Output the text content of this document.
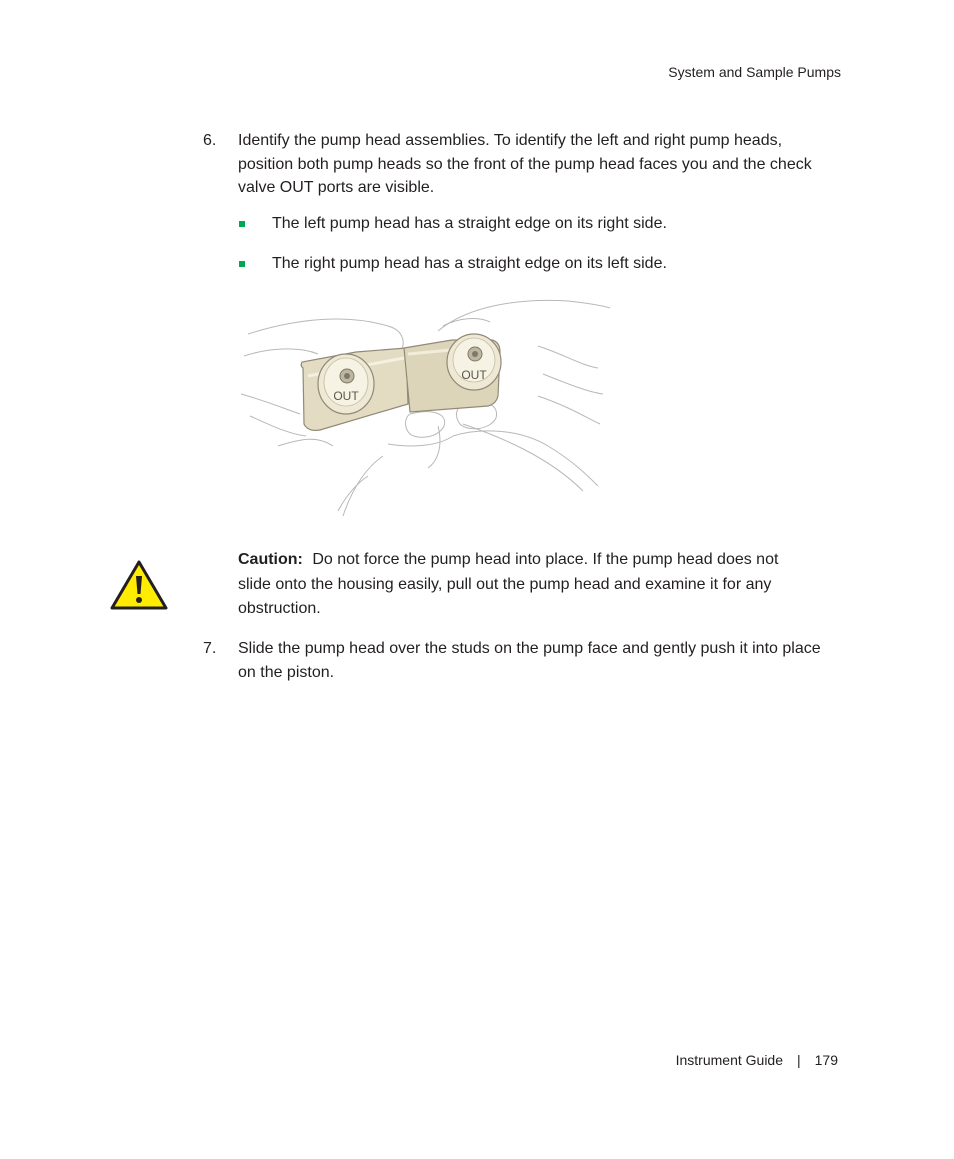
System and Sample Pumps
6. Identify the pump head assemblies. To identify the left and right pump heads, position both pump heads so the front of the pump head faces you and the check valve OUT ports are visible.
The left pump head has a straight edge on its right side.
The right pump head has a straight edge on its left side.
OUT
OUT
Caution: Do not force the pump head into place. If the pump head does not slide onto the housing easily, pull out the pump head and examine it for any obstruction.
7. Slide the pump head over the studs on the pump face and gently push it into place on the piston.
Instrument Guide | 179
